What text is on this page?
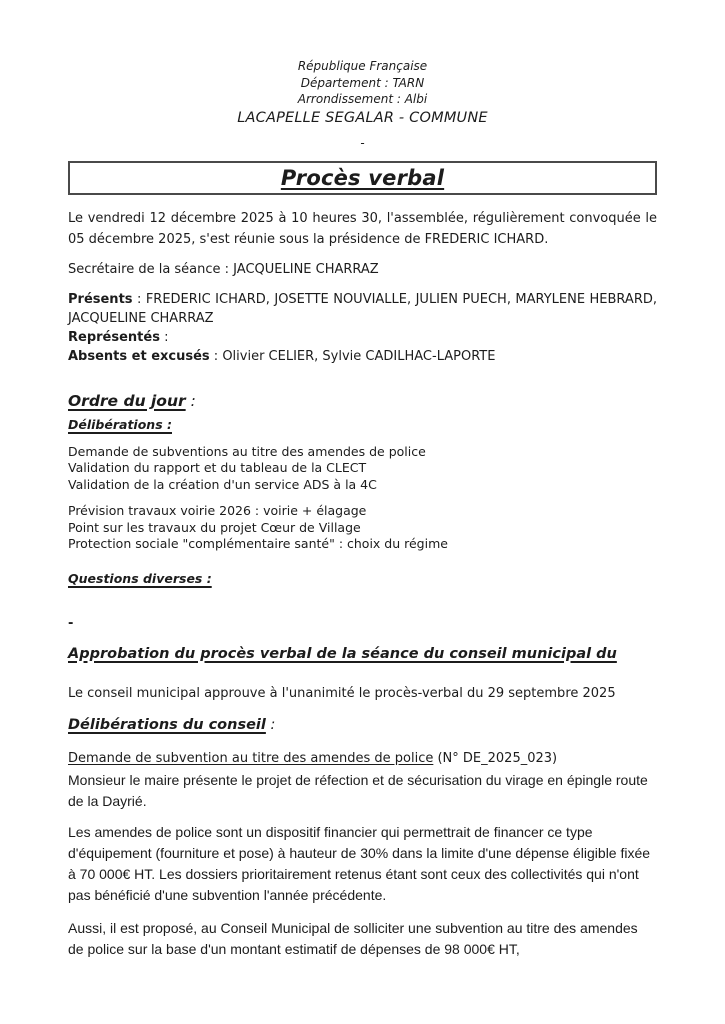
République Française
Département : TARN
Arrondissement : Albi
LACAPELLE SEGALAR - COMMUNE
-
Procès verbal
Le vendredi 12 décembre 2025 à 10 heures 30, l'assemblée, régulièrement convoquée le 05 décembre 2025, s'est réunie sous la présidence de FREDERIC ICHARD.
Secrétaire de la séance : JACQUELINE CHARRAZ
Présents : FREDERIC ICHARD, JOSETTE NOUVIALLE, JULIEN PUECH, MARYLENE HEBRARD, JACQUELINE CHARRAZ
Représentés :
Absents et excusés : Olivier CELIER, Sylvie CADILHAC-LAPORTE
Ordre du jour :
Délibérations :
Demande de subventions au titre des amendes de police
Validation du rapport et du tableau de la CLECT
Validation de la création d'un service ADS à la 4C
Prévision travaux voirie 2026 : voirie + élagage
Point sur les travaux du projet Cœur de Village
Protection sociale "complémentaire santé" : choix du régime
Questions diverses :
-
Approbation du procès verbal de la séance du conseil municipal du
Le conseil municipal approuve à l'unanimité le procès-verbal du 29 septembre 2025
Délibérations du conseil :
Demande de subvention au titre des amendes de police (N° DE_2025_023)
Monsieur le maire présente le projet de réfection et de sécurisation du virage en épingle route de la Dayrié.
Les amendes de police sont un dispositif financier qui permettrait de financer ce type d'équipement (fourniture et pose) à hauteur de 30% dans la limite d'une dépense éligible fixée à 70 000€ HT. Les dossiers prioritairement retenus étant sont ceux des collectivités qui n'ont pas bénéficié d'une subvention l'année précédente.
Aussi, il est proposé, au Conseil Municipal de solliciter une subvention au titre des amendes de police sur la base d'un montant estimatif de dépenses de 98 000€ HT,
